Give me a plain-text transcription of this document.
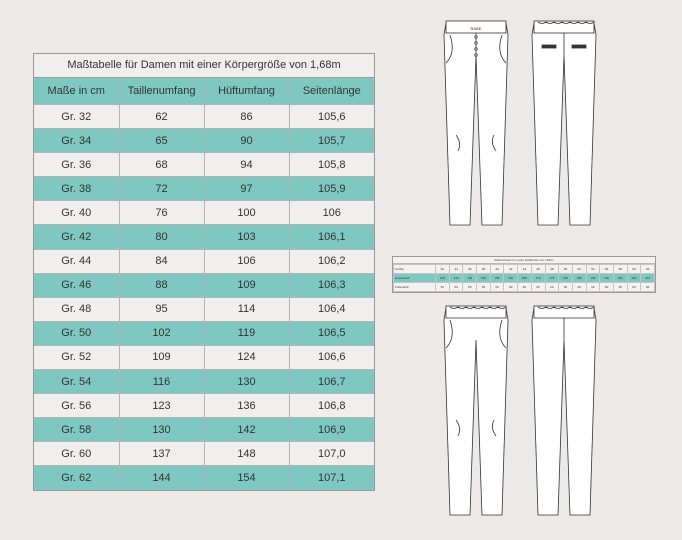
Maßtabelle für Damen mit einer Körpergröße von 1,68m
Maße in cm	Taillenumfang	Hüftumfang	Seitenlänge
Gr. 32	62	86	105,6
Gr. 34	65	90	105,7
Gr. 36	68	94	105,8
Gr. 38	72	97	105,9
Gr. 40	76	100	106
Gr. 42	80	103	106,1
Gr. 44	84	106	106,2
Gr. 46	88	109	106,3
Gr. 48	95	114	106,4
Gr. 50	102	119	106,5
Gr. 52	109	124	106,6
Gr. 54	116	130	106,7
Gr. 56	123	136	106,8
Gr. 58	130	142	106,9
Gr. 60	137	148	107,0
Gr. 62	144	154	107,1
RABE
Stoffverbrauch in einer Stoffbreite von 150cm
Größe	32	34	36	38	40	42	44	46	48	50	52	54	56	58	60	62
Hosenstoff	135	140	145	150	155	160	165	170	175	180	185	190	195	200	205	210
Futterstoff	50	50	55	55	60	60	60	60	60	60	60	60	60	60	60	60
